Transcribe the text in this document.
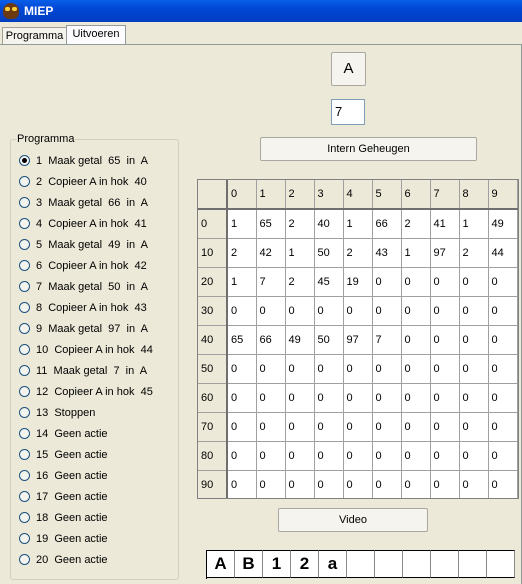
MIEP
Programma Uitvoeren
A
7
Intern Geheugen
Programma
1  Maak getal  65  in  A
2  Copieer A in hok  40
3  Maak getal  66  in  A
4  Copieer A in hok  41
5  Maak getal  49  in  A
6  Copieer A in hok  42
7  Maak getal  50  in  A
8  Copieer A in hok  43
9  Maak getal  97  in  A
10  Copieer A in hok  44
11  Maak getal  7  in  A
12  Copieer A in hok  45
13  Stoppen
14  Geen actie
15  Geen actie
16  Geen actie
17  Geen actie
18  Geen actie
19  Geen actie
20  Geen actie
	0	1	2	3	4	5	6	7	8	9
0	1	65	2	40	1	66	2	41	1	49
10	2	42	1	50	2	43	1	97	2	44
20	1	7	2	45	19	0	0	0	0	0
30	0	0	0	0	0	0	0	0	0	0
40	65	66	49	50	97	7	0	0	0	0
50	0	0	0	0	0	0	0	0	0	0
60	0	0	0	0	0	0	0	0	0	0
70	0	0	0	0	0	0	0	0	0	0
80	0	0	0	0	0	0	0	0	0	0
90	0	0	0	0	0	0	0	0	0	0
Video
A B	1	2	a
